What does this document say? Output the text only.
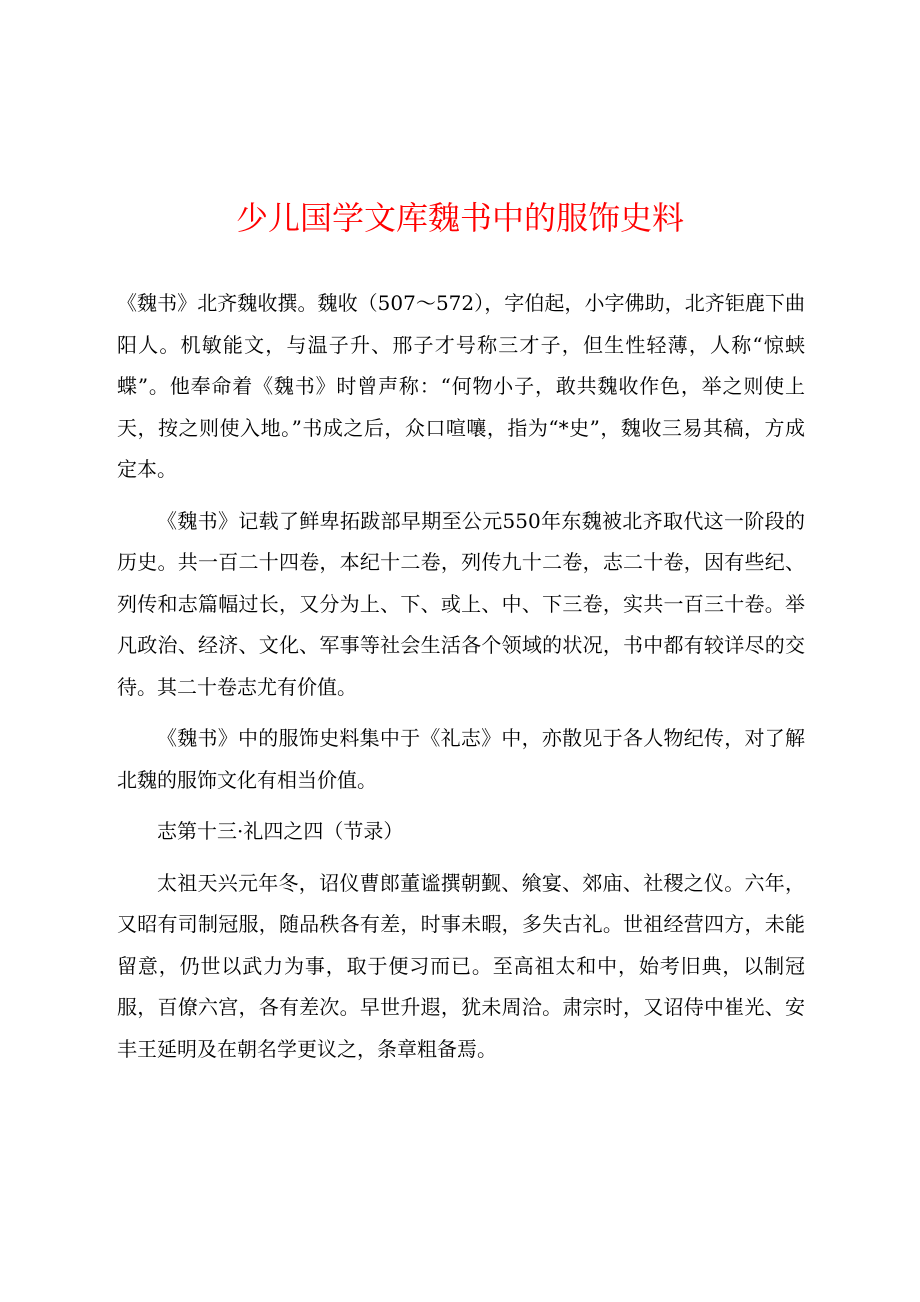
少儿国学文库魏书中的服饰史料

《魏书》北齐魏收撰。魏收（507～572），字伯起，小字佛助，北齐钜鹿下曲阳人。机敏能文，与温子升、邢子才号称三才子，但生性轻薄，人称“惊蛱蝶”。他奉命着《魏书》时曾声称：“何物小子，敢共魏收作色，举之则使上天，按之则使入地。”书成之后，众口喧嚷，指为“*史”，魏收三易其稿，方成定本。

《魏书》记载了鲜卑拓跋部早期至公元550年东魏被北齐取代这一阶段的历史。共一百二十四卷，本纪十二卷，列传九十二卷，志二十卷，因有些纪、列传和志篇幅过长，又分为上、下、或上、中、下三卷，实共一百三十卷。举凡政治、经济、文化、军事等社会生活各个领域的状况，书中都有较详尽的交待。其二十卷志尤有价值。

《魏书》中的服饰史料集中于《礼志》中，亦散见于各人物纪传，对了解北魏的服饰文化有相当价值。

志第十三·礼四之四（节录）

太祖天兴元年冬，诏仪曹郎董谧撰朝觐、飨宴、郊庙、社稷之仪。六年，又昭有司制冠服，随品秩各有差，时事未暇，多失古礼。世祖经营四方，未能留意，仍世以武力为事，取于便习而已。至高祖太和中，始考旧典，以制冠服，百僚六宫，各有差次。早世升遐，犹未周洽。肃宗时，又诏侍中崔光、安丰王延明及在朝名学更议之，条章粗备焉。
